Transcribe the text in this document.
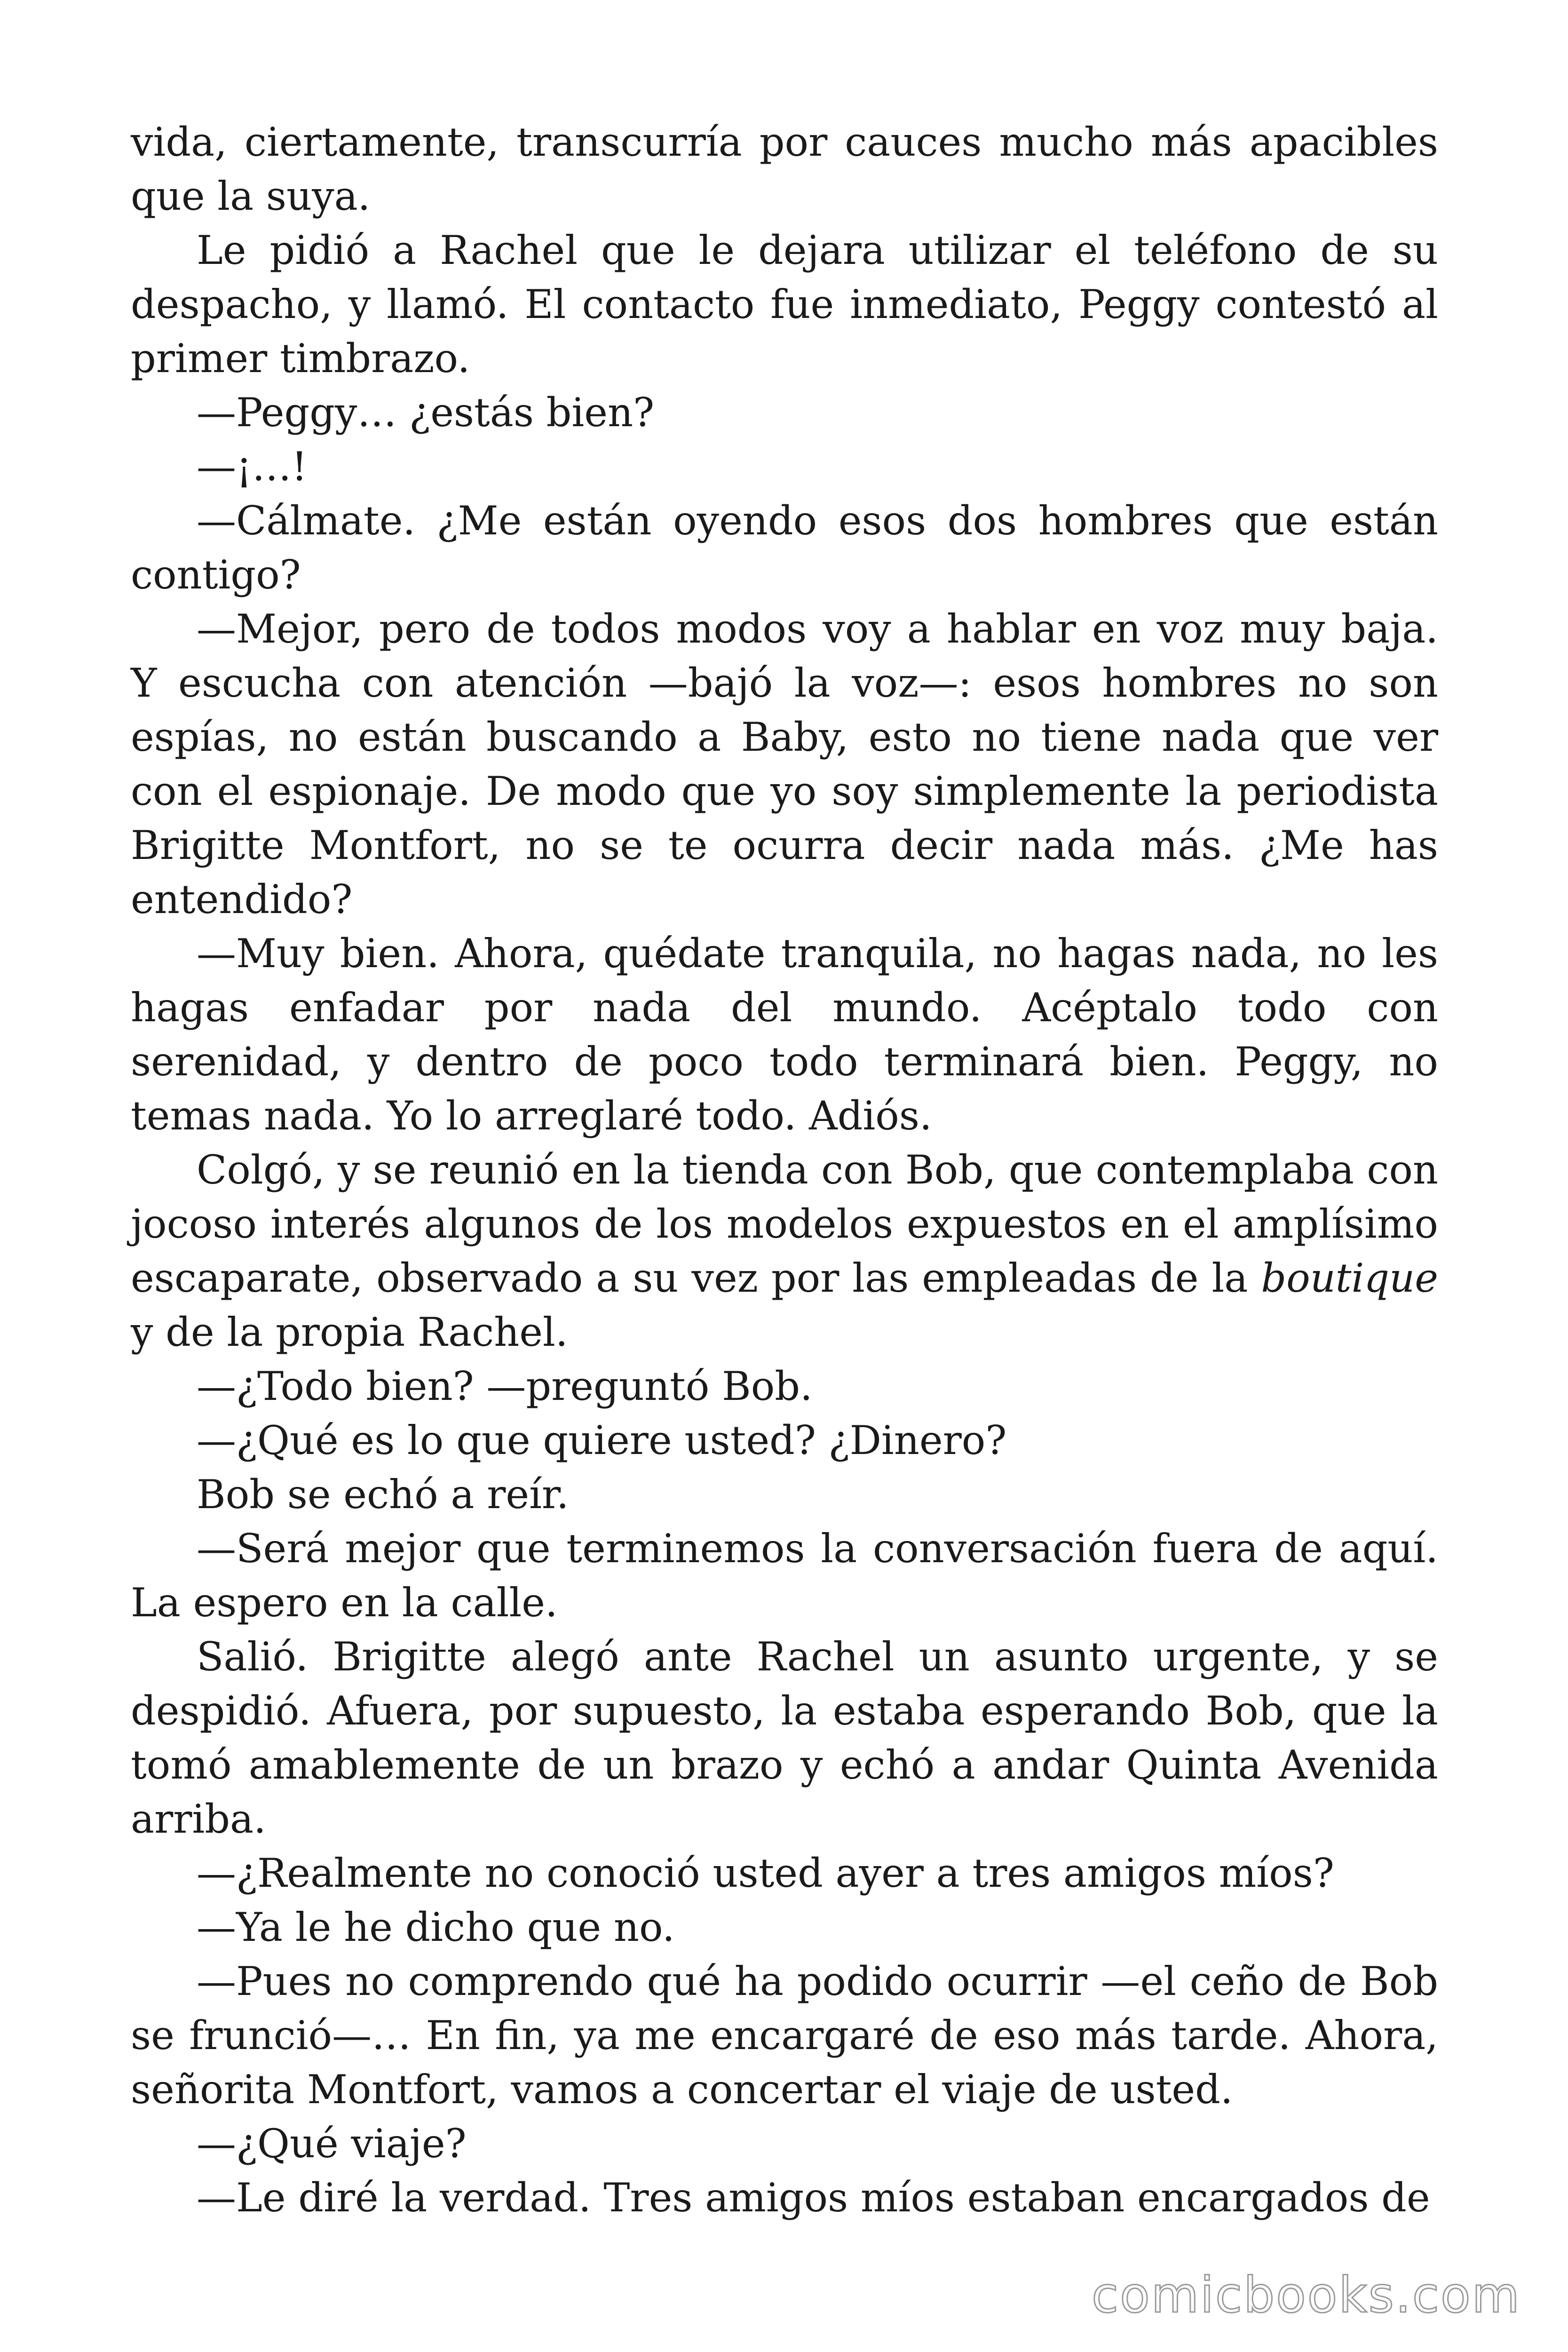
vida, ciertamente, transcurría por cauces mucho más apacibles que la suya.

Le pidió a Rachel que le dejara utilizar el teléfono de su despacho, y llamó. El contacto fue inmediato, Peggy contestó al primer timbrazo.

—Peggy… ¿estás bien?

—¡…!

—Cálmate. ¿Me están oyendo esos dos hombres que están contigo?

—Mejor, pero de todos modos voy a hablar en voz muy baja. Y escucha con atención —bajó la voz—: esos hombres no son espías, no están buscando a Baby, esto no tiene nada que ver con el espionaje. De modo que yo soy simplemente la periodista Brigitte Montfort, no se te ocurra decir nada más. ¿Me has entendido?

—Muy bien. Ahora, quédate tranquila, no hagas nada, no les hagas enfadar por nada del mundo. Acéptalo todo con serenidad, y dentro de poco todo terminará bien. Peggy, no temas nada. Yo lo arreglaré todo. Adiós.

Colgó, y se reunió en la tienda con Bob, que contemplaba con jocoso interés algunos de los modelos expuestos en el amplísimo escaparate, observado a su vez por las empleadas de la boutique y de la propia Rachel.

—¿Todo bien? —preguntó Bob.

—¿Qué es lo que quiere usted? ¿Dinero?

Bob se echó a reír.

—Será mejor que terminemos la conversación fuera de aquí. La espero en la calle.

Salió. Brigitte alegó ante Rachel un asunto urgente, y se despidió. Afuera, por supuesto, la estaba esperando Bob, que la tomó amablemente de un brazo y echó a andar Quinta Avenida arriba.

—¿Realmente no conoció usted ayer a tres amigos míos?

—Ya le he dicho que no.

—Pues no comprendo qué ha podido ocurrir —el ceño de Bob se frunció—… En fin, ya me encargaré de eso más tarde. Ahora, señorita Montfort, vamos a concertar el viaje de usted.

—¿Qué viaje?

—Le diré la verdad. Tres amigos míos estaban encargados de

comicbooks.com
